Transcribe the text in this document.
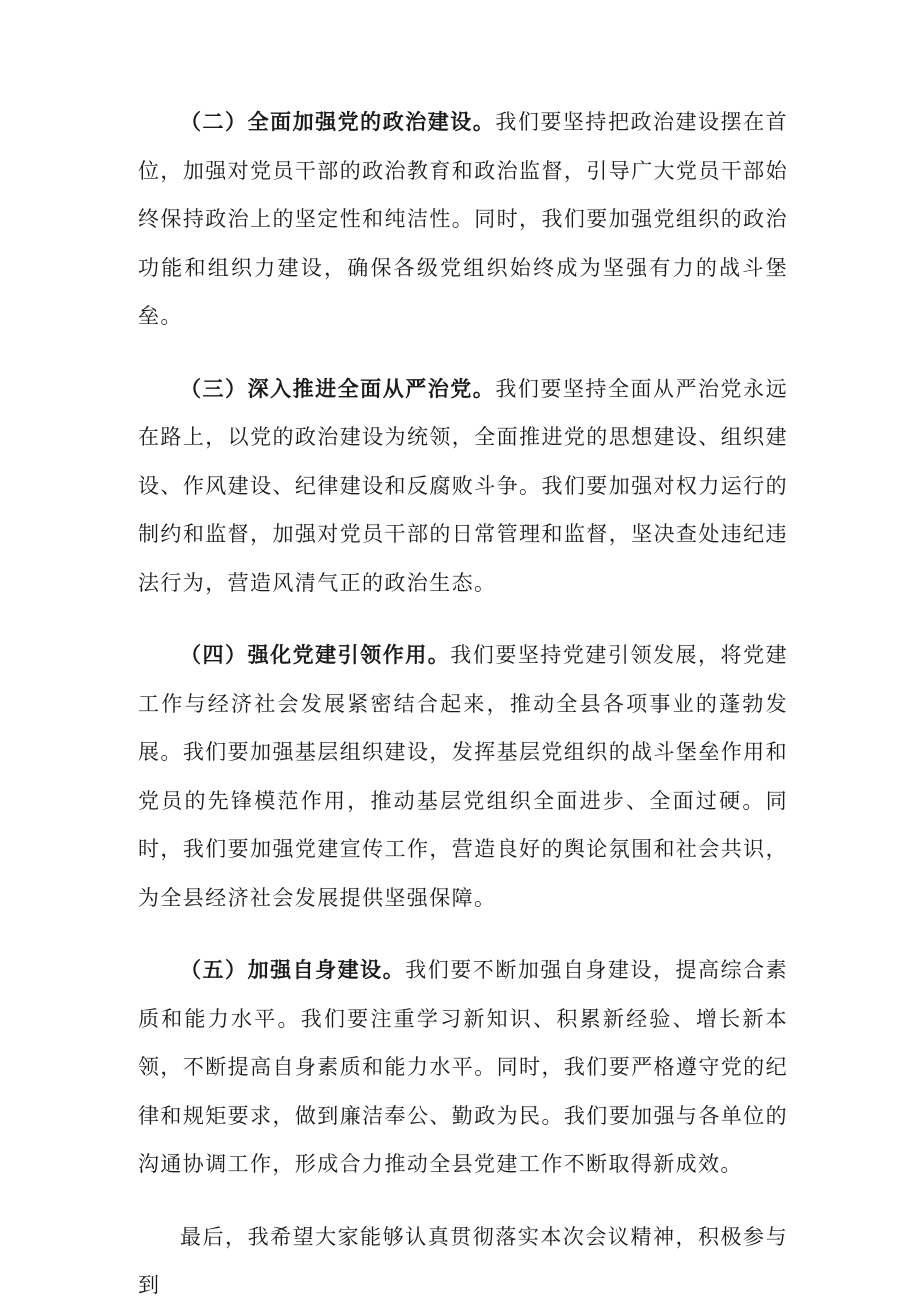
（二）全面加强党的政治建设。我们要坚持把政治建设摆在首位，加强对党员干部的政治教育和政治监督，引导广大党员干部始终保持政治上的坚定性和纯洁性。同时，我们要加强党组织的政治功能和组织力建设，确保各级党组织始终成为坚强有力的战斗堡垒。

（三）深入推进全面从严治党。我们要坚持全面从严治党永远在路上，以党的政治建设为统领，全面推进党的思想建设、组织建设、作风建设、纪律建设和反腐败斗争。我们要加强对权力运行的制约和监督，加强对党员干部的日常管理和监督，坚决查处违纪违法行为，营造风清气正的政治生态。

（四）强化党建引领作用。我们要坚持党建引领发展，将党建工作与经济社会发展紧密结合起来，推动全县各项事业的蓬勃发展。我们要加强基层组织建设，发挥基层党组织的战斗堡垒作用和党员的先锋模范作用，推动基层党组织全面进步、全面过硬。同时，我们要加强党建宣传工作，营造良好的舆论氛围和社会共识，为全县经济社会发展提供坚强保障。

（五）加强自身建设。我们要不断加强自身建设，提高综合素质和能力水平。我们要注重学习新知识、积累新经验、增长新本领，不断提高自身素质和能力水平。同时，我们要严格遵守党的纪律和规矩要求，做到廉洁奉公、勤政为民。我们要加强与各单位的沟通协调工作，形成合力推动全县党建工作不断取得新成效。

最后，我希望大家能够认真贯彻落实本次会议精神，积极参与到
